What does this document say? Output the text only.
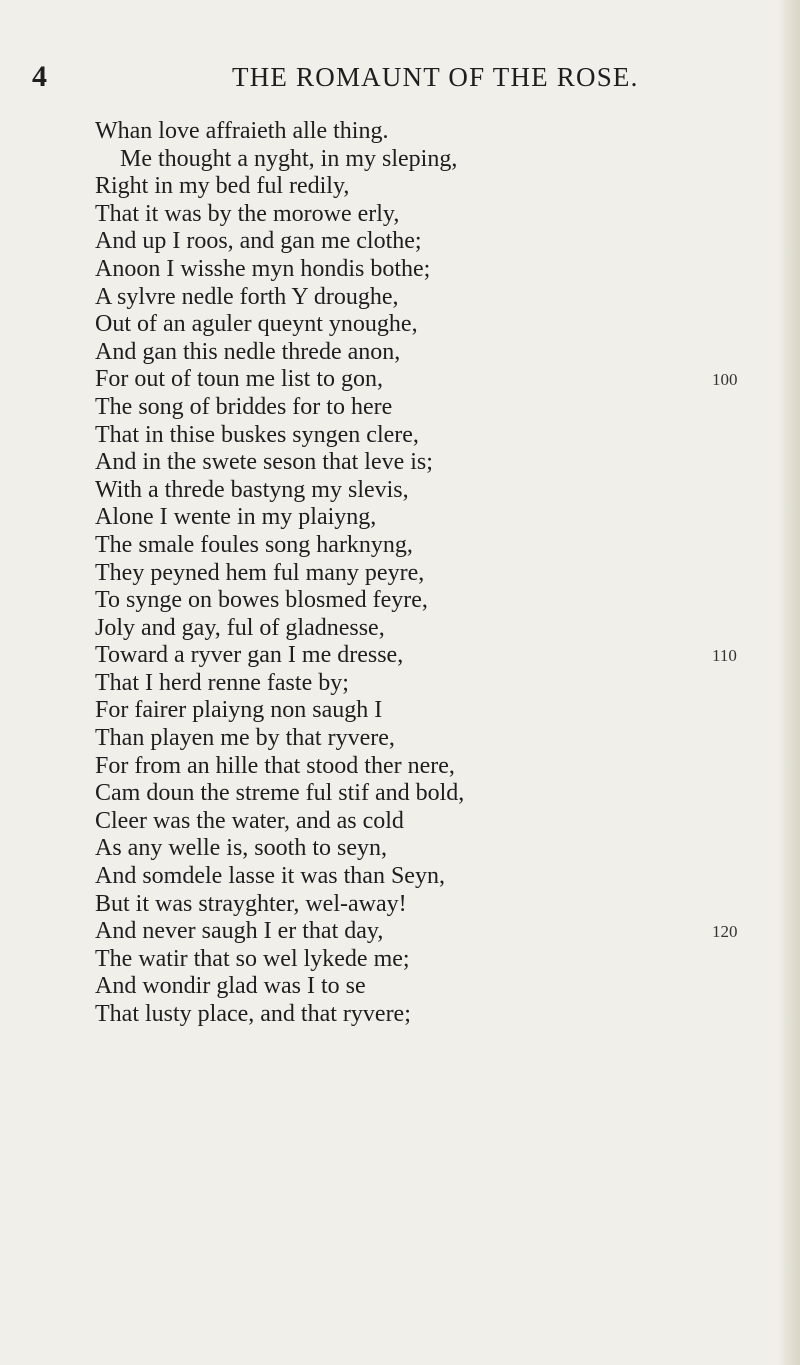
4	THE ROMAUNT OF THE ROSE.
Whan love affraieth alle thing.
Me thought a nyght, in my sleping,
Right in my bed ful redily,
That it was by the morowe erly,
And up I roos, and gan me clothe;
Anoon I wisshe myn hondis bothe;
A sylvre nedle forth Y droughe,
Out of an aguler queynt ynoughe,
And gan this nedle threde anon,
For out of toun me list to gon,	100
The song of briddes for to here
That in thise buskes syngen clere,
And in the swete seson that leve is;
With a threde bastyng my slevis,
Alone I wente in my plaiyng,
The smale foules song harknyng,
They peyned hem ful many peyre,
To synge on bowes blosmed feyre,
Joly and gay, ful of gladnesse,
Toward a ryver gan I me dresse,	110
That I herd renne faste by;
For fairer plaiyng non saugh I
Than playen me by that ryvere,
For from an hille that stood ther nere,
Cam doun the streme ful stif and bold,
Cleer was the water, and as cold
As any welle is, sooth to seyn,
And somdele lasse it was than Seyn,
But it was strayghter, wel-away!
And never saugh I er that day,	120
The watir that so wel lykede me;
And wondir glad was I to se
That lusty place, and that ryvere;
